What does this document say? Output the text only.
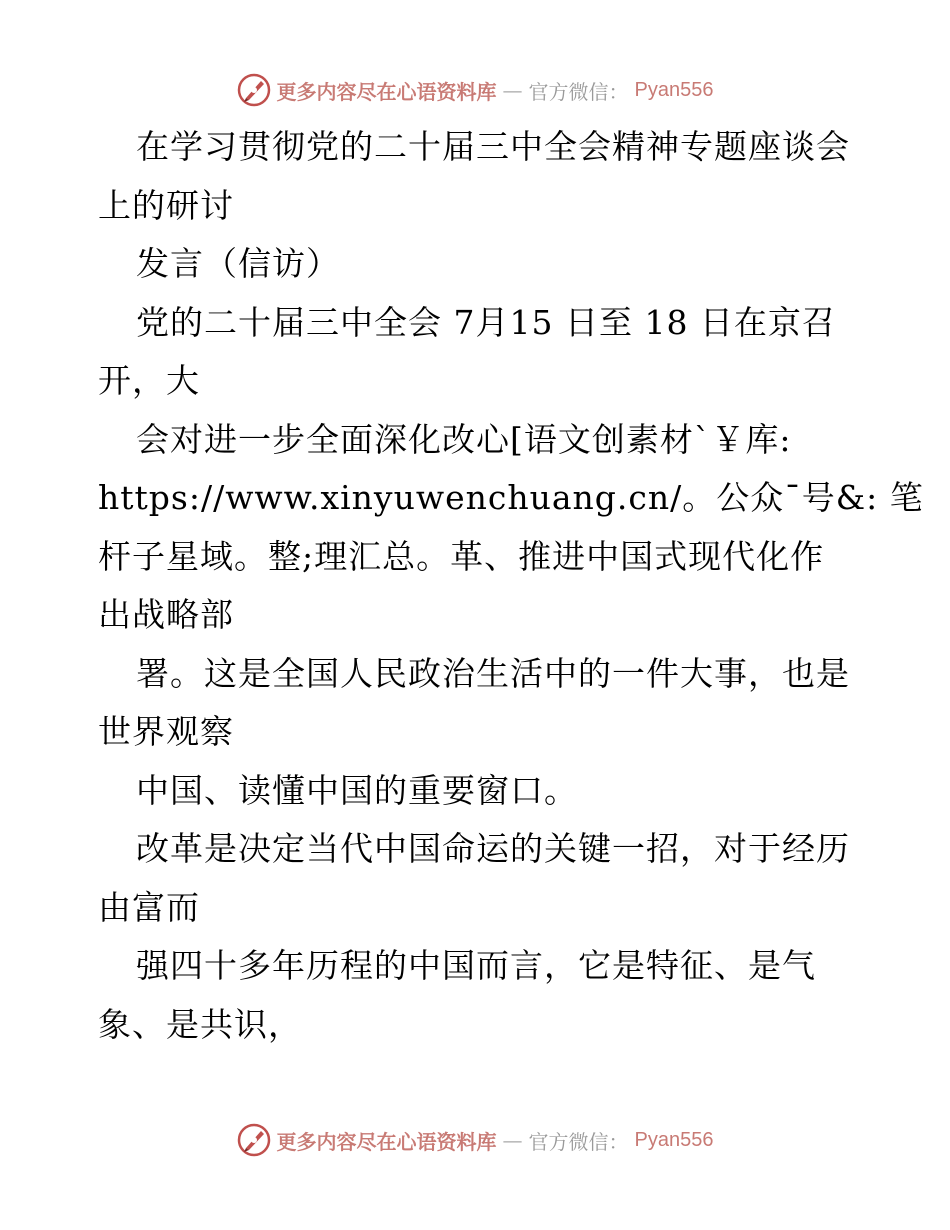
更多内容尽在心语资料库 — 官方微信： Pyan556
在学习贯彻党的二十届三中全会精神专题座谈会
上的研讨
发言（信访）
党的二十届三中全会 7月15 日至 18 日在京召
开，大
会对进一步全面深化改心[语文创素材`￥库:
https://www.xinyuwenchuang.cn/。公众¯号&: 笔
杆子星域。整;理汇总。革、推进中国式现代化作
出战略部
署。这是全国人民政治生活中的一件大事，也是
世界观察
中国、读懂中国的重要窗口。
改革是决定当代中国命运的关键一招，对于经历
由富而
强四十多年历程的中国而言，它是特征、是气
象、是共识，
更多内容尽在心语资料库 — 官方微信： Pyan556
